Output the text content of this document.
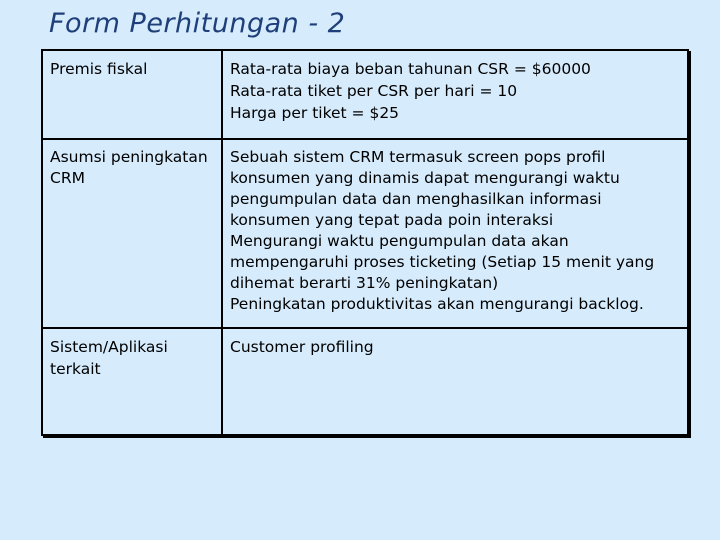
Form Perhitungan - 2
Premis fiskal	Rata-rata biaya beban tahunan CSR = $60000
Rata-rata tiket per CSR per hari = 10
Harga per tiket = $25
Asumsi peningkatan CRM
Sebuah sistem CRM termasuk screen pops profil konsumen yang dinamis dapat mengurangi waktu pengumpulan data dan menghasilkan informasi konsumen yang tepat pada poin interaksi
Mengurangi waktu pengumpulan data akan mempengaruhi proses ticketing (Setiap 15 menit yang dihemat berarti 31% peningkatan)
Peningkatan produktivitas akan mengurangi backlog.
Sistem/Aplikasi terkait
Customer profiling
